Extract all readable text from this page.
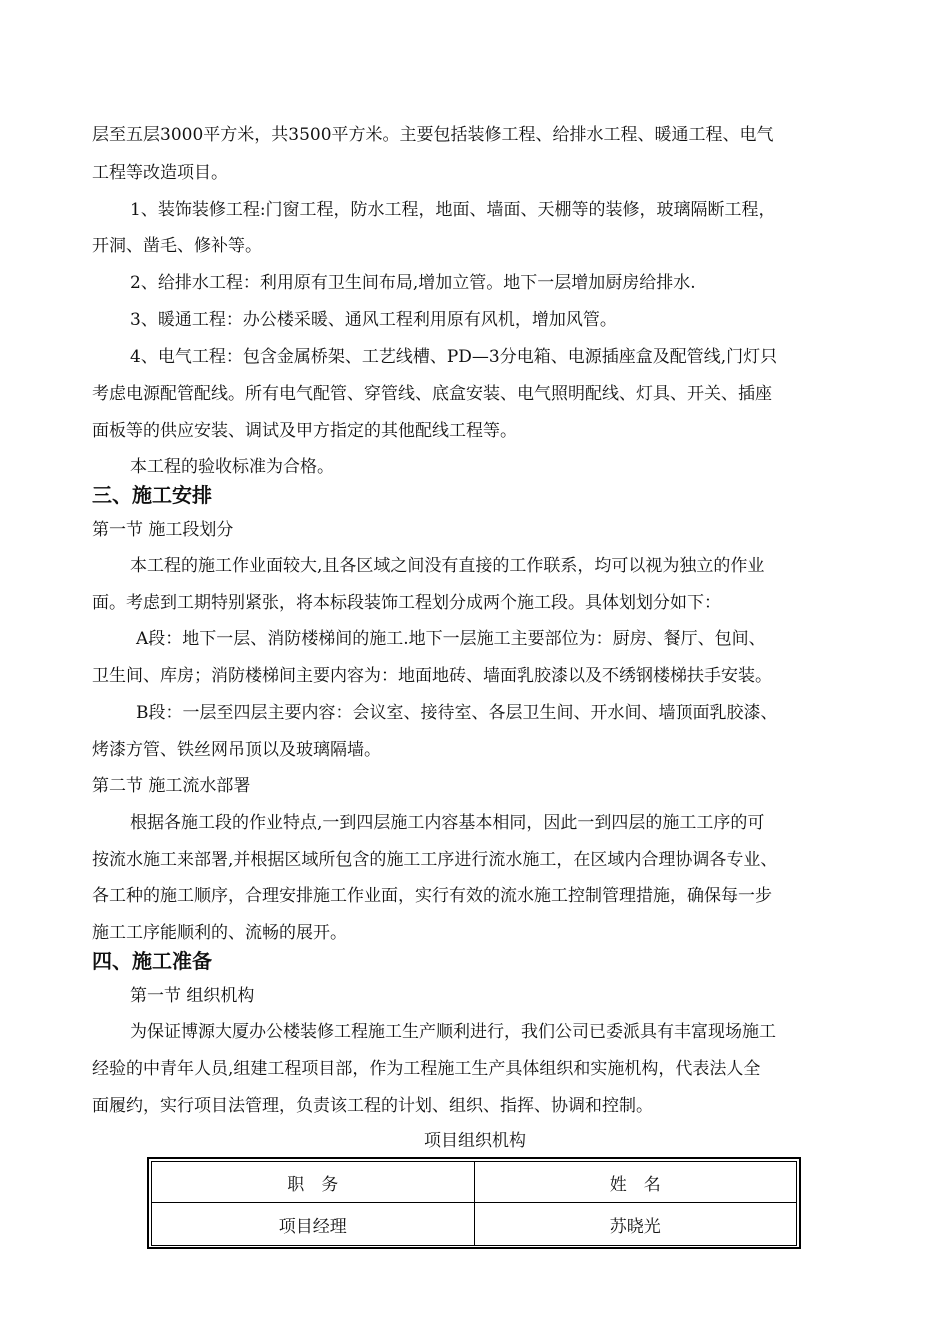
层至五层3000平方米，共3500平方米。主要包括装修工程、给排水工程、暖通工程、电气
工程等改造项目。
1、装饰装修工程:门窗工程，防水工程，地面、墙面、天棚等的装修，玻璃隔断工程，
开洞、凿毛、修补等。
2、给排水工程：利用原有卫生间布局,增加立管。地下一层增加厨房给排水.
3、暖通工程：办公楼采暖、通风工程利用原有风机，增加风管。
4、电气工程：包含金属桥架、工艺线槽、PD—3分电箱、电源插座盒及配管线,门灯只
考虑电源配管配线。所有电气配管、穿管线、底盒安装、电气照明配线、灯具、开关、插座
面板等的供应安装、调试及甲方指定的其他配线工程等。
本工程的验收标准为合格。
三、施工安排
第一节 施工段划分
本工程的施工作业面较大,且各区域之间没有直接的工作联系，均可以视为独立的作业
面。考虑到工期特别紧张，将本标段装饰工程划分成两个施工段。具体划划分如下：
A段：地下一层、消防楼梯间的施工.地下一层施工主要部位为：厨房、餐厅、包间、
卫生间、库房；消防楼梯间主要内容为：地面地砖、墙面乳胶漆以及不绣钢楼梯扶手安装。
B段：一层至四层主要内容：会议室、接待室、各层卫生间、开水间、墙顶面乳胶漆、
烤漆方管、铁丝网吊顶以及玻璃隔墙。
第二节 施工流水部署
根据各施工段的作业特点,一到四层施工内容基本相同，因此一到四层的施工工序的可
按流水施工来部署,并根据区域所包含的施工工序进行流水施工，在区域内合理协调各专业、
各工种的施工顺序，合理安排施工作业面，实行有效的流水施工控制管理措施，确保每一步
施工工序能顺利的、流畅的展开。
四、施工准备
第一节 组织机构
为保证博源大厦办公楼装修工程施工生产顺利进行，我们公司已委派具有丰富现场施工
经验的中青年人员,组建工程项目部，作为工程施工生产具体组织和实施机构，代表法人全
面履约，实行项目法管理，负责该工程的计划、组织、指挥、协调和控制。
项目组织机构
职　务	姓　名
项目经理	苏晓光
